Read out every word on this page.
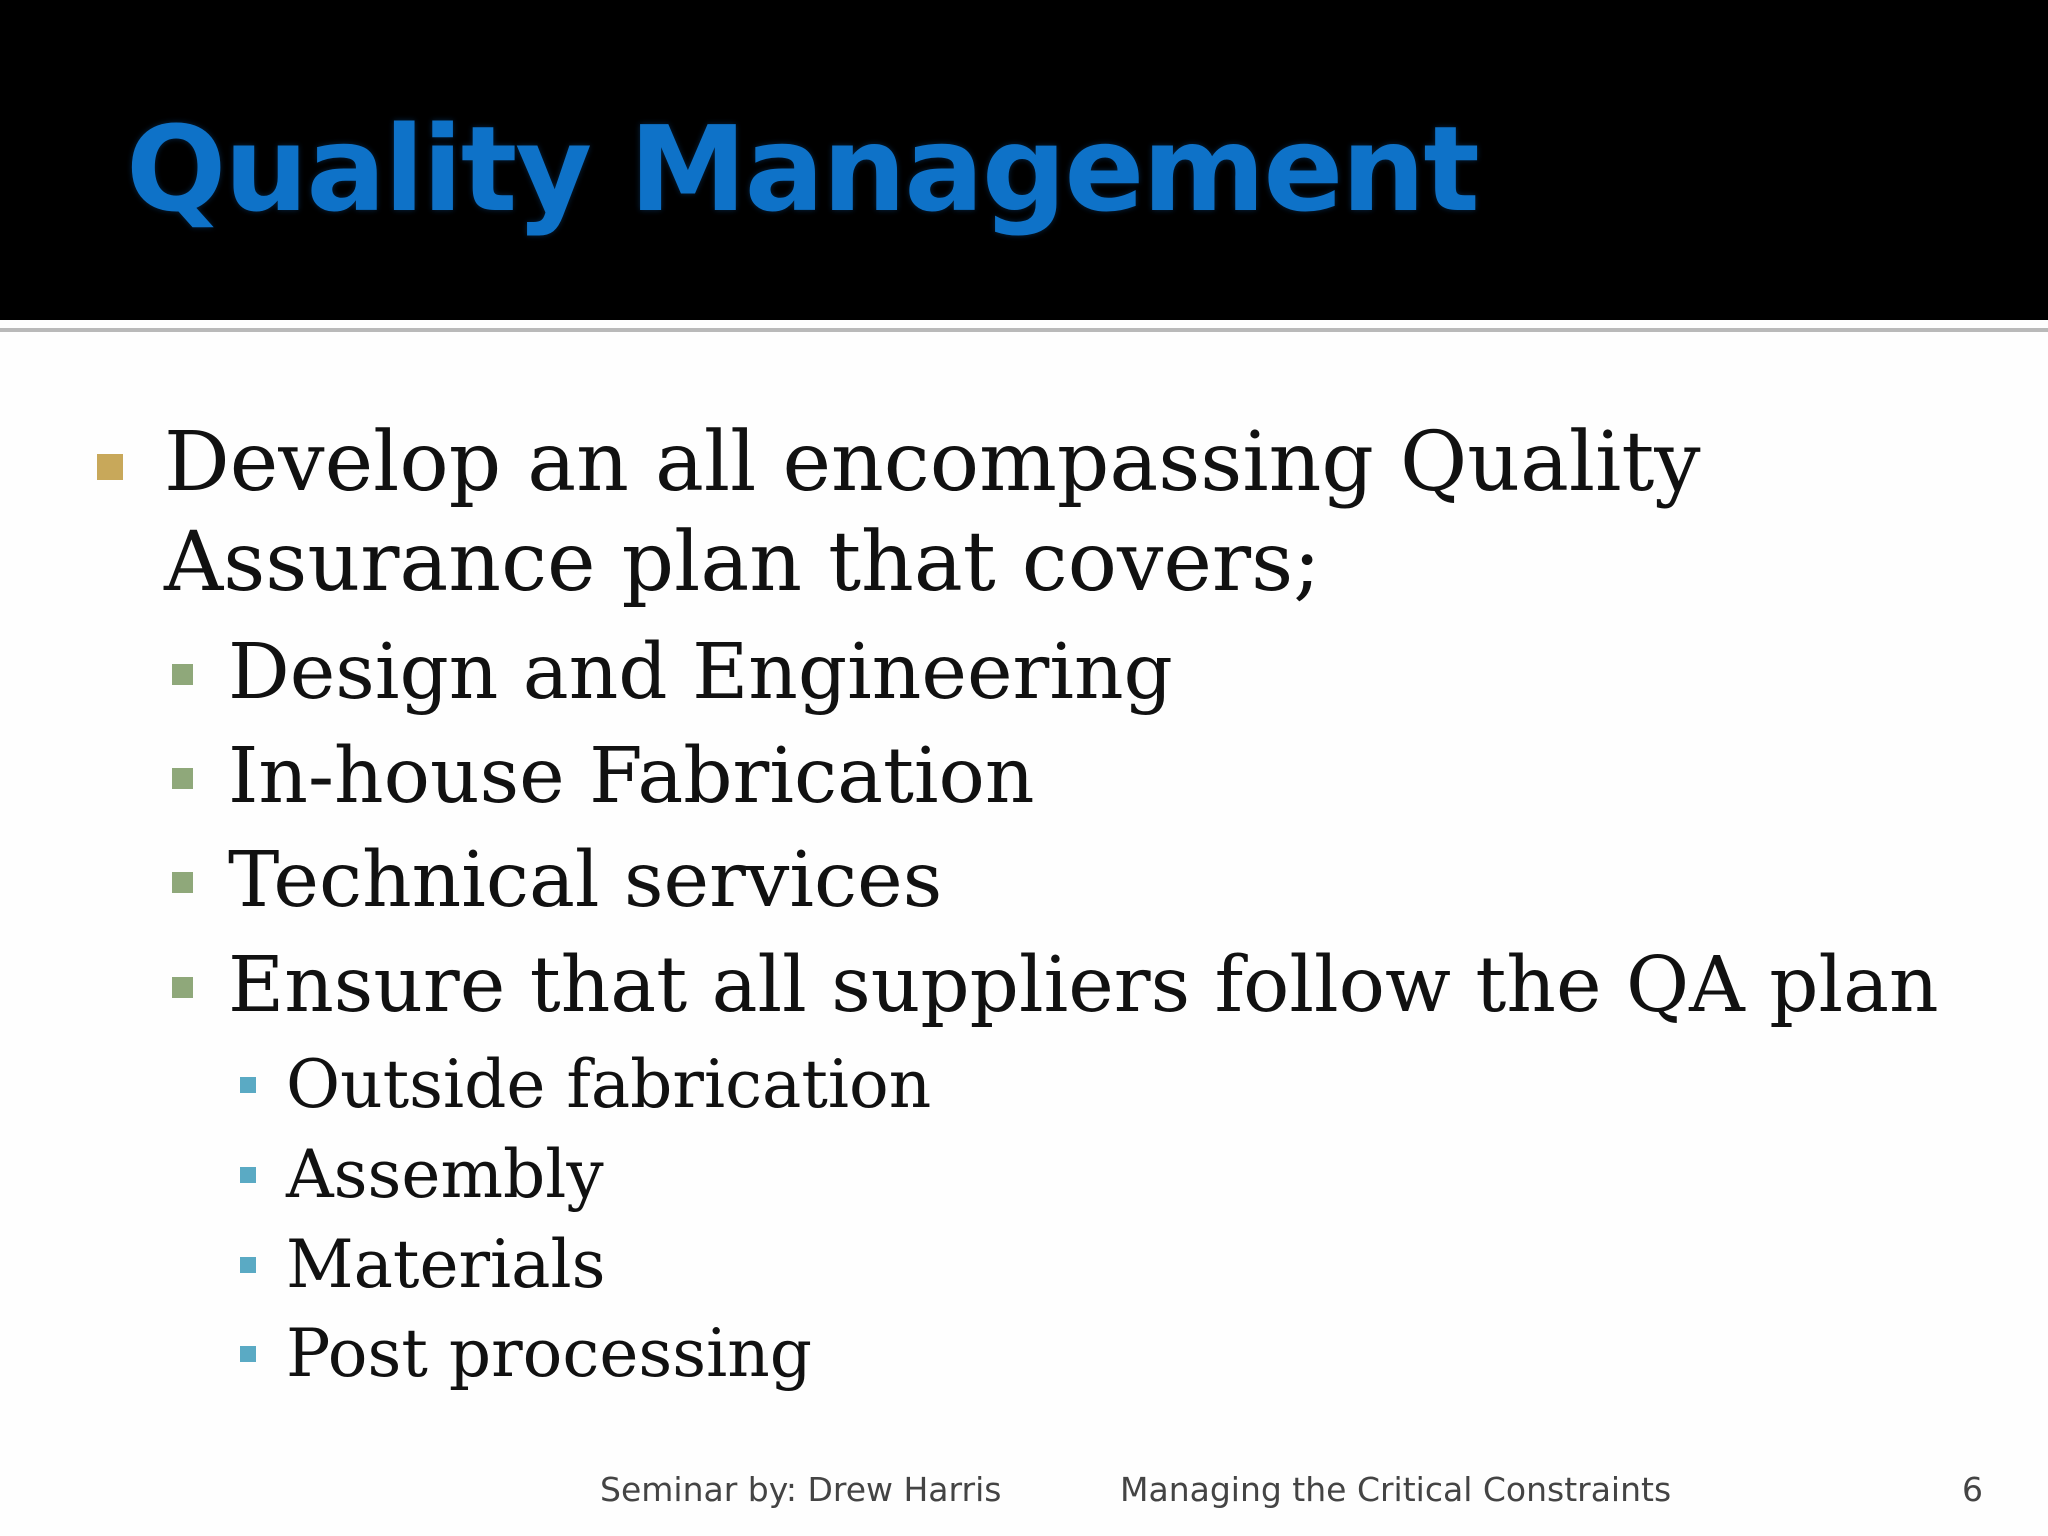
Quality Management
Develop an all encompassing Quality
Assurance plan that covers;
Design and Engineering
In-house Fabrication
Technical services
Ensure that all suppliers follow the QA plan
Outside fabrication
Assembly
Materials
Post processing
Seminar by: Drew Harris	Managing the Critical Constraints	6
